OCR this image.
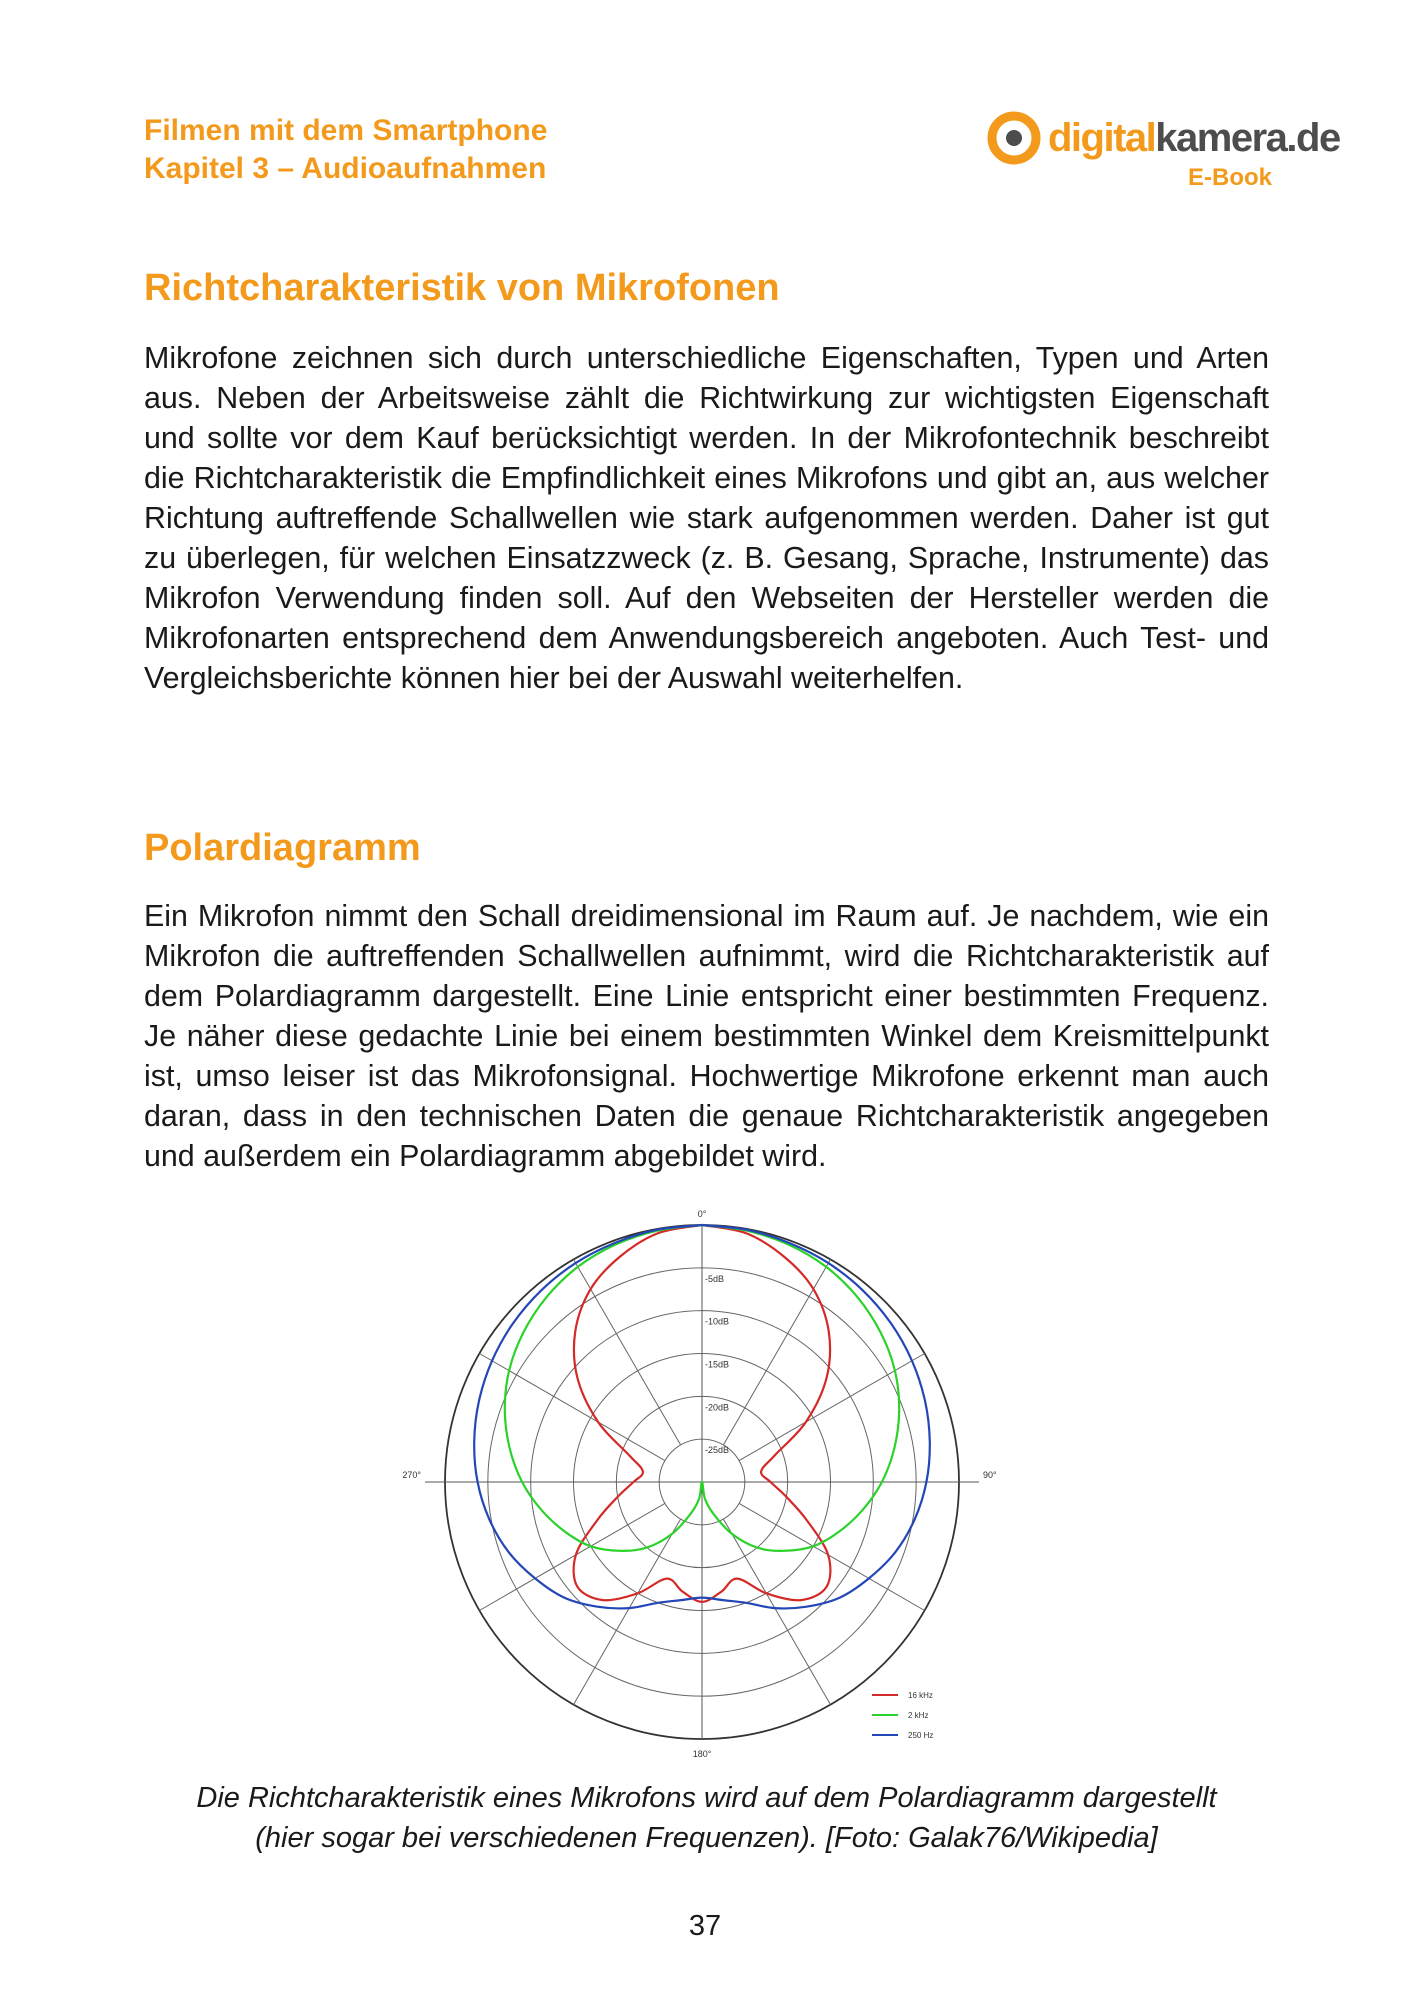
Filmen mit dem Smartphone
Kapitel 3 – Audioaufnahmen
digitalkamera.de
E-Book
Richtcharakteristik von Mikrofonen

Mikrofone zeichnen sich durch unterschiedliche Eigenschaften, Typen und Arten aus. Neben der Arbeitsweise zählt die Richtwirkung zur wichtigsten Eigenschaft und sollte vor dem Kauf berücksichtigt werden. In der Mikrofontechnik beschreibt die Richtcharakteristik die Empfindlichkeit eines Mikrofons und gibt an, aus welcher Richtung auftreffende Schallwellen wie stark aufgenommen werden. Daher ist gut zu überlegen, für welchen Einsatzzweck (z. B. Gesang, Sprache, Instrumente) das Mikrofon Verwendung finden soll. Auf den Webseiten der Hersteller werden die Mikrofonarten entsprechend dem Anwendungsbereich angeboten. Auch Test- und Vergleichsberichte können hier bei der Auswahl weiterhelfen.

Polardiagramm

Ein Mikrofon nimmt den Schall dreidimensional im Raum auf. Je nachdem, wie ein Mikrofon die auftreffenden Schallwellen aufnimmt, wird die Richtcharakteristik auf dem Polardiagramm dargestellt. Eine Linie entspricht einer bestimmten Frequenz. Je näher diese gedachte Linie bei einem bestimmten Winkel dem Kreismittelpunkt ist, umso leiser ist das Mikrofonsignal. Hochwertige Mikrofone erkennt man auch daran, dass in den technischen Daten die genaue Richtcharakteristik angegeben und außerdem ein Polardiagramm abgebildet wird.

0°
90°
180°
270°
-5dB
-10dB
-15dB
-20dB
-25dB
16 kHz
2 kHz
250 Hz
Die Richtcharakteristik eines Mikrofons wird auf dem Polardiagramm dargestellt
(hier sogar bei verschiedenen Frequenzen). [Foto: Galak76/Wikipedia]
37
